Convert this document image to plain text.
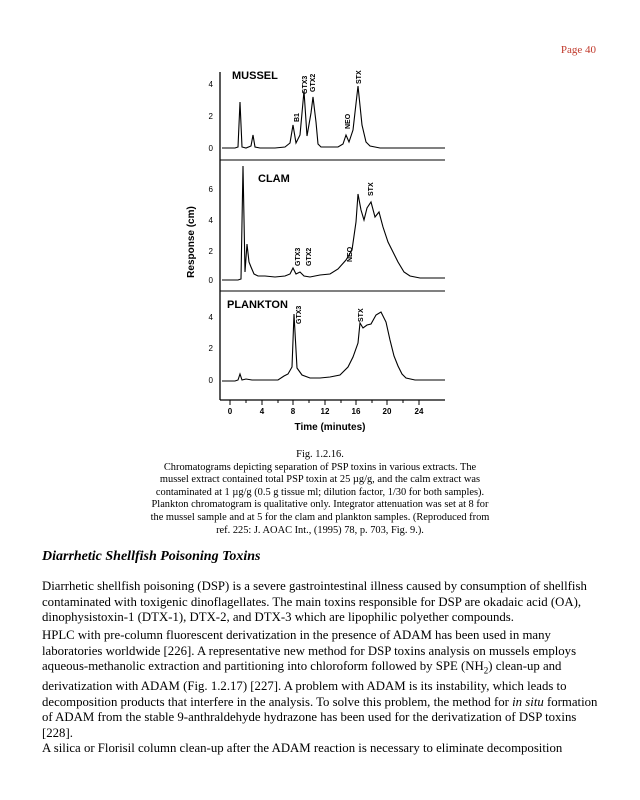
Page 40
Response (cm)
MUSSEL
4
2
0
B1
GTX3 GTX2
NEO
STX
CLAM
6
4
2
0
GTX3 GTX2	NEO
STX
PLANKTON
4
2
0
GTX3	STX
0	4	8	12	16	20	24
Time (minutes)
Fig. 1.2.16.
Chromatograms depicting separation of PSP toxins in various extracts. The mussel extract contained total PSP toxin at 25 µg/g, and the calm extract was contaminated at 1 µg/g (0.5 g tissue ml; dilution factor, 1/30 for both samples). Plankton chromatogram is qualitative only. Integrator attenuation was set at 8 for the mussel sample and at 5 for the clam and plankton samples. (Reproduced from ref. 225: J. AOAC Int., (1995) 78, p. 703, Fig. 9.).
Diarrhetic Shellfish Poisoning Toxins

Diarrhetic shellfish poisoning (DSP) is a severe gastrointestinal illness caused by consumption of shellfish contaminated with toxigenic dinoflagellates. The main toxins responsible for DSP are okadaic acid (OA), dinophysistoxin-1 (DTX-1), DTX-2, and DTX-3 which are lipophilic polyether compounds.

HPLC with pre-column fluorescent derivatization in the presence of ADAM has been used in many laboratories worldwide [226]. A representative new method for DSP toxins analysis on mussels employs aqueous-methanolic extraction and partitioning into chloroform followed by SPE $(NH_2)$ clean-up and derivatization with ADAM (Fig. 1.2.17) [227]. A problem with ADAM is its instability, which leads to decomposition products that interfere in the analysis. To solve this problem, the method for in situ formation of ADAM from the stable 9-anthraldehyde hydrazone has been used for the derivatization of DSP toxins [228].

A silica or Florisil column clean-up after the ADAM reaction is necessary to eliminate decomposition
